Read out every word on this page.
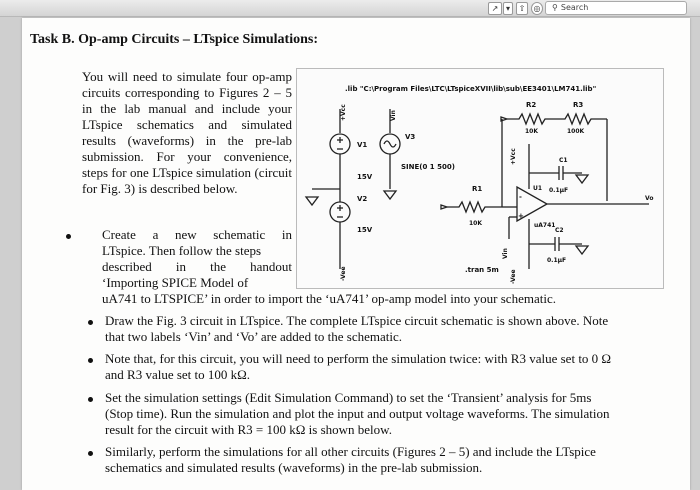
↗ ▾	⇧	◎	⚲ Search
Task B. Op-amp Circuits – LTspice Simulations:
You will need to simulate four op-amp circuits corresponding to Figures 2 – 5 in the lab manual and include your LTspice schematics and simulated results (waveforms) in the pre-lab submission. For your convenience, steps for one LTspice simulation (circuit for Fig. 3) is described below.
.lib "C:\Program Files\LTC\LTspiceXVII\lib\sub\EE3401\LM741.lib"
V1
15V
+Vcc
V2
15V
-Vee
V3
SINE(0 1 500)
Vin
R2
10K
R3
100K
+Vcc	C1
0.1µF
R1
10K
-
+
U1
uA741
Vo
Vin
-Vee
C2
0.1µF
.tran 5m
Create a new schematic in
LTspice. Then follow the steps
described in the handout
‘Importing SPICE Model of
uA741 to LTSPICE’ in order to import the ‘uA741’ op-amp model into your schematic.
Draw the Fig. 3 circuit in LTspice. The complete LTspice circuit schematic is shown above. Note
that two labels ‘Vin’ and ‘Vo’ are added to the schematic.
Note that, for this circuit, you will need to perform the simulation twice: with R3 value set to 0 Ω
and R3 value set to 100 kΩ.
Set the simulation settings (Edit Simulation Command) to set the ‘Transient’ analysis for 5ms
(Stop time). Run the simulation and plot the input and output voltage waveforms. The simulation
result for the circuit with R3 = 100 kΩ is shown below.
Similarly, perform the simulations for all other circuits (Figures 2 – 5) and include the LTspice
schematics and simulated results (waveforms) in the pre-lab submission.
